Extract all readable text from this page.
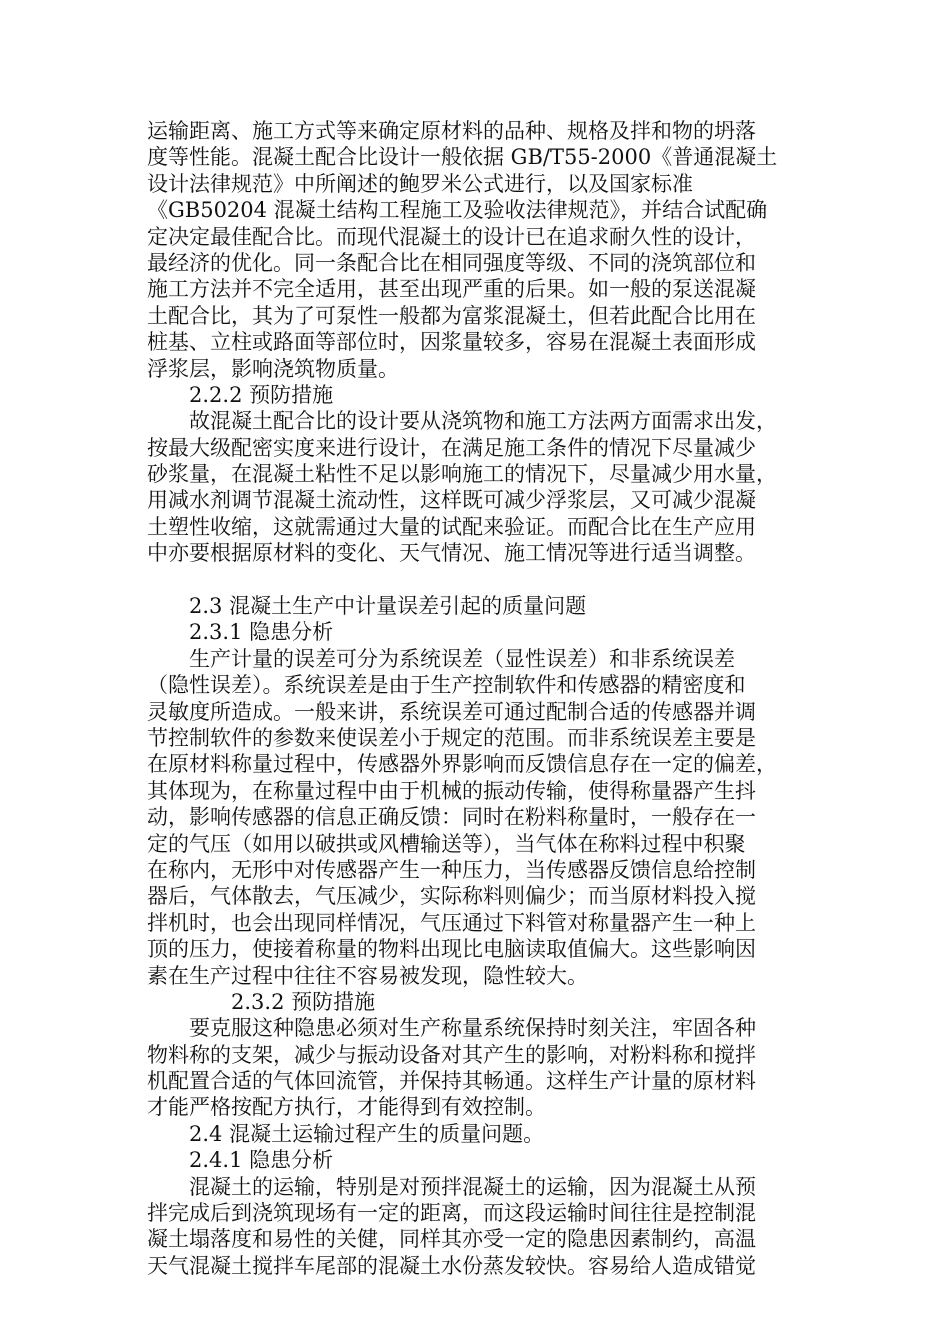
运输距离、施工方式等来确定原材料的品种、规格及拌和物的坍落
度等性能。混凝土配合比设计一般依据 GB/T55-2000《普通混凝土
设计法律规范》中所阐述的鲍罗米公式进行，以及国家标准
《GB50204 混凝土结构工程施工及验收法律规范》，并结合试配确
定决定最佳配合比。而现代混凝土的设计已在追求耐久性的设计，
最经济的优化。同一条配合比在相同强度等级、不同的浇筑部位和
施工方法并不完全适用，甚至出现严重的后果。如一般的泵送混凝
土配合比，其为了可泵性一般都为富浆混凝土，但若此配合比用在
桩基、立柱或路面等部位时，因浆量较多，容易在混凝土表面形成
浮浆层，影响浇筑物质量。
2.2.2 预防措施
故混凝土配合比的设计要从浇筑物和施工方法两方面需求出发，
按最大级配密实度来进行设计，在满足施工条件的情况下尽量减少
砂浆量，在混凝土粘性不足以影响施工的情况下，尽量减少用水量，
用减水剂调节混凝土流动性，这样既可减少浮浆层，又可减少混凝
土塑性收缩，这就需通过大量的试配来验证。而配合比在生产应用
中亦要根据原材料的变化、天气情况、施工情况等进行适当调整。
2.3 混凝土生产中计量误差引起的质量问题
2.3.1 隐患分析
生产计量的误差可分为系统误差（显性误差）和非系统误差
（隐性误差）。系统误差是由于生产控制软件和传感器的精密度和
灵敏度所造成。一般来讲，系统误差可通过配制合适的传感器并调
节控制软件的参数来使误差小于规定的范围。而非系统误差主要是
在原材料称量过程中，传感器外界影响而反馈信息存在一定的偏差，
其体现为，在称量过程中由于机械的振动传输，使得称量器产生抖
动，影响传感器的信息正确反馈：同时在粉料称量时，一般存在一
定的气压（如用以破拱或风槽输送等），当气体在称料过程中积聚
在称内，无形中对传感器产生一种压力，当传感器反馈信息给控制
器后，气体散去，气压减少，实际称料则偏少；而当原材料投入搅
拌机时，也会出现同样情况，气压通过下料管对称量器产生一种上
顶的压力，使接着称量的物料出现比电脑读取值偏大。这些影响因
素在生产过程中往往不容易被发现，隐性较大。
2.3.2 预防措施
要克服这种隐患必须对生产称量系统保持时刻关注，牢固各种
物料称的支架，减少与振动设备对其产生的影响，对粉料称和搅拌
机配置合适的气体回流管，并保持其畅通。这样生产计量的原材料
才能严格按配方执行，才能得到有效控制。
2.4 混凝土运输过程产生的质量问题。
2.4.1 隐患分析
混凝土的运输，特别是对预拌混凝土的运输，因为混凝土从预
拌完成后到浇筑现场有一定的距离，而这段运输时间往往是控制混
凝土塌落度和易性的关健，同样其亦受一定的隐患因素制约，高温
天气混凝土搅拌车尾部的混凝土水份蒸发较快。容易给人造成错觉
